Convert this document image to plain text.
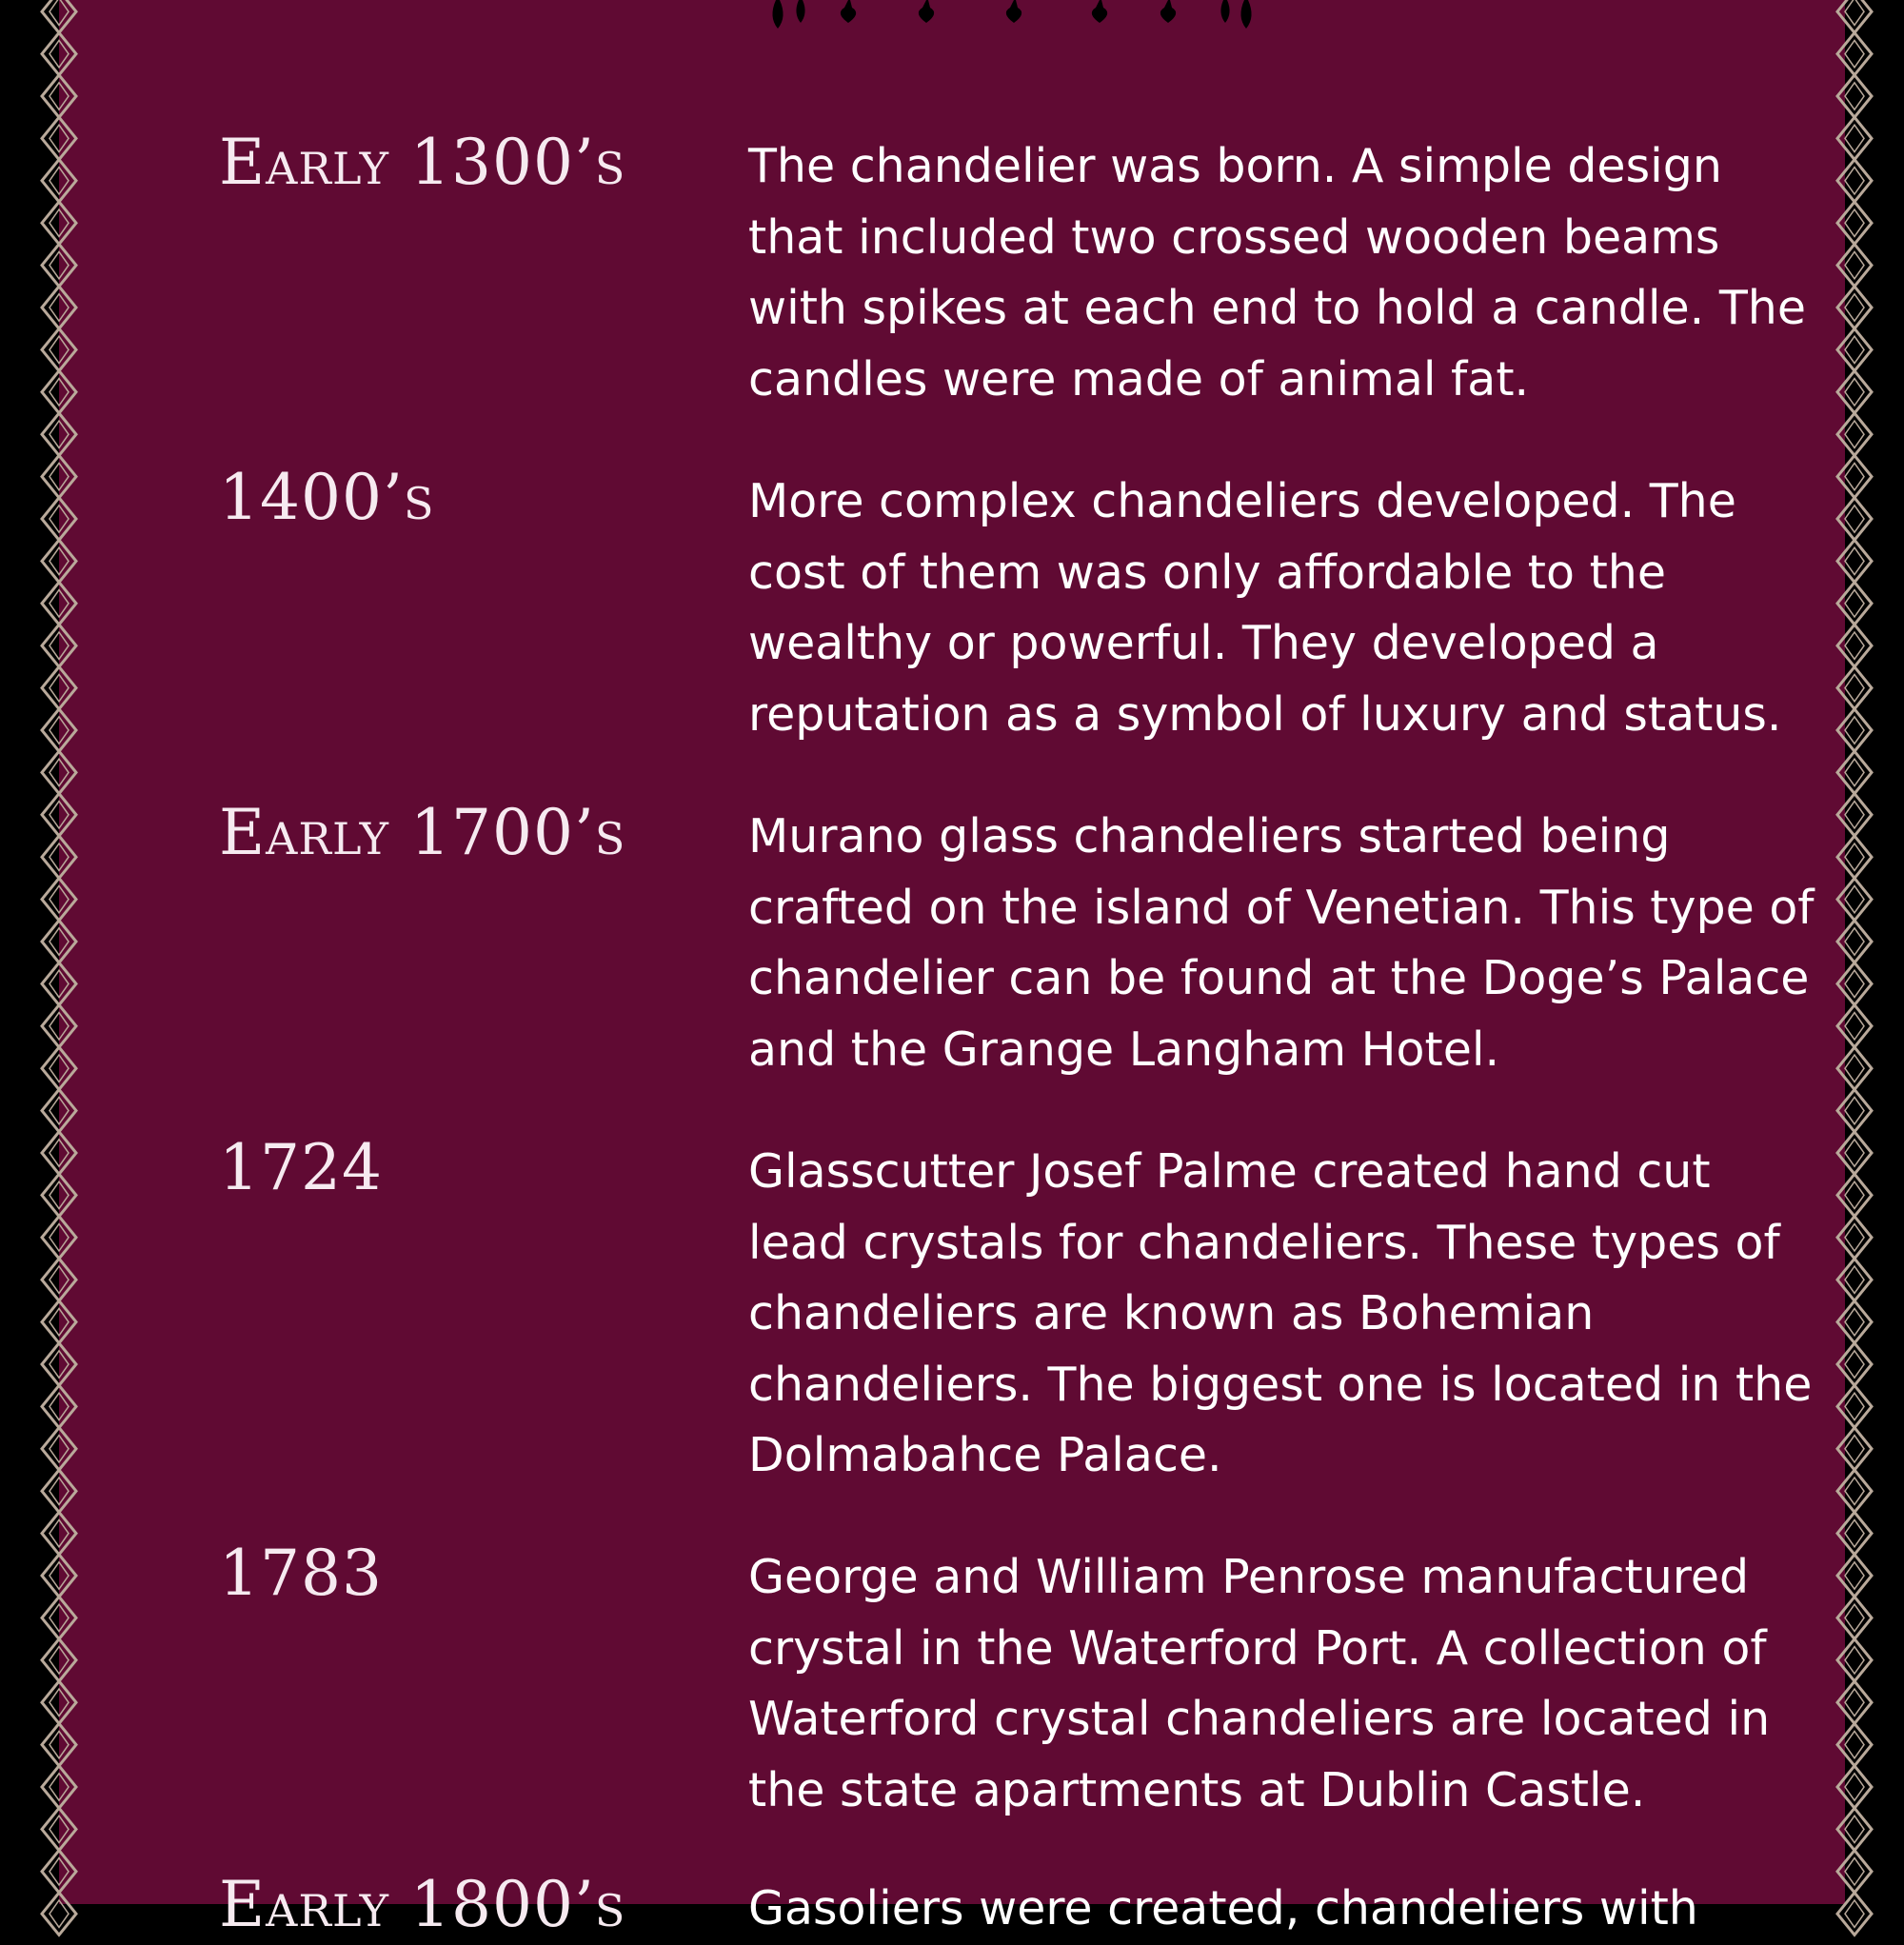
Early 1300’s	The chandelier was born. A simple design that included two crossed wooden beams with spikes at each end to hold a candle. The candles were made of animal fat.

1400’s	More complex chandeliers developed. The cost of them was only affordable to the wealthy or powerful. They developed a reputation as a symbol of luxury and status.

Early 1700’s	Murano glass chandeliers started being crafted on the island of Venetian. This type of chandelier can be found at the Doge’s Palace and the Grange Langham Hotel.

1724	Glasscutter Josef Palme created hand cut lead crystals for chandeliers. These types of chandeliers are known as Bohemian chandeliers. The biggest one is located in the Dolmabahce Palace.

1783	George and William Penrose manufactured crystal in the Waterford Port. A collection of Waterford crystal chandeliers are located in the state apartments at Dublin Castle.

Early 1800’s	Gasoliers were created, chandeliers with
